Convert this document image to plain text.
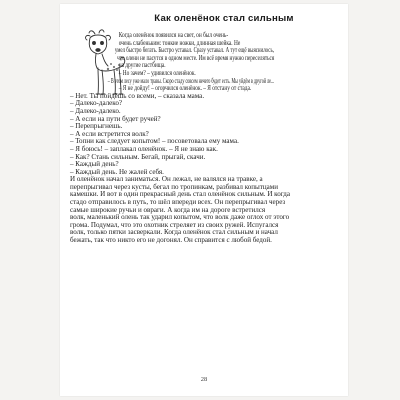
Как оленёнок стал сильным
Когда оленёнок появился на свет, он был очень-
очень слабеньким: тонкие ножки, длинная шейка. Не
умел быстро бегать. Быстро уставал. Сразу уставал. А тут ещё выяснилось,
что олени не пасутся в одном месте. Им всё время нужно переселяться
на другие пастбища.
– Но зачем? – удивился оленёнок.
– В этом лесу уже мало травы. Скоро стаду совсем нечего будет есть. Мы уйдём в другой ле...
– Я не дойду! – огорчился оленёнок. – Я отстану от стада.
– Нет. Ты пойдёшь со всеми, – сказала мама.
– Далеко-далеко?
– Далеко-далеко.
– А если на пути будет ручей?
– Перепрыгнешь.
– А если встретится волк?
– Топни как следует копытом! – посоветовала ему мама.
– Я боюсь! – заплакал оленёнок. – Я не знаю как.
– Как? Стань сильным. Бегай, прыгай, скачи.
– Каждый день?
– Каждый день. Не жалей себя.
И оленёнок начал заниматься. Он лежал, не валялся на травке, а
перепрыгивал через кусты, бегал по тропинкам, разбивал копытцами
камешки. И вот в один прекрасный день стал оленёнок сильным. И когда
стадо отправилось в путь, то шёл впереди всех. Он перепрыгивал через
самые широкие ручьи и овраги. А когда им на дороге встретился
волк, маленький олень так ударил копытом, что волк даже оглох от этого
грома. Подумал, что это охотник стреляет из своих ружей. Испугался
волк, только пятки засверкали. Когда оленёнок стал сильным и начал
бежать, так что никто его не догонял. Он справится с любой бедой.
28
